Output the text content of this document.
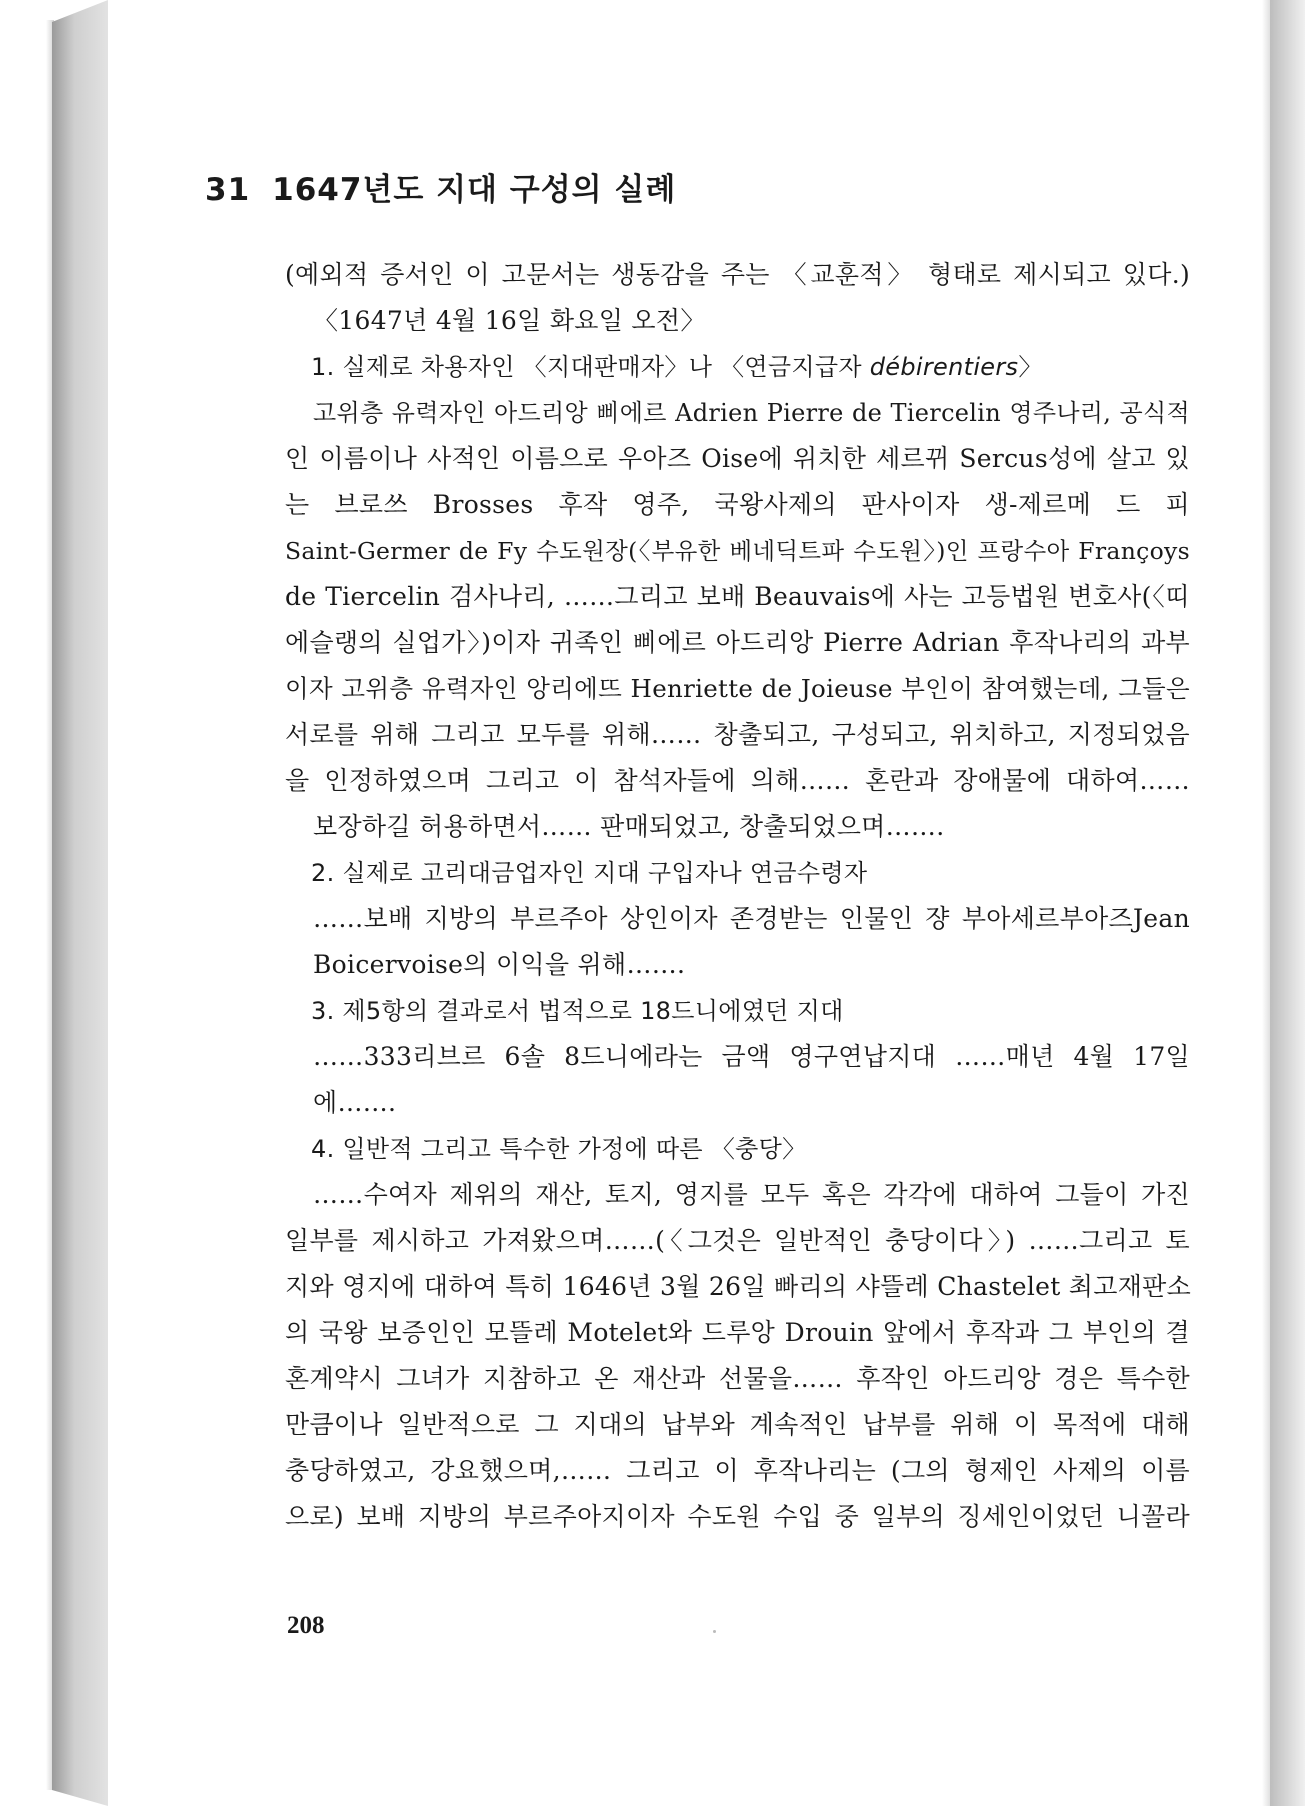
31 1647년도 지대 구성의 실례
(예외적 증서인 이 고문서는 생동감을 주는 〈교훈적〉 형태로 제시되고 있다.)
〈1647년 4월 16일 화요일 오전〉
1. 실제로 차용자인 〈지대판매자〉나 〈연금지급자 débirentiers〉
고위층 유력자인 아드리앙 삐에르 Adrien Pierre de Tiercelin 영주나리, 공식적
인 이름이나 사적인 이름으로 우아즈 Oise에 위치한 세르뀌 Sercus성에 살고 있
는 브로쓰 Brosses 후작 영주, 국왕사제의 판사이자 생-제르메 드 피
Saint-Germer de Fy 수도원장(〈부유한 베네딕트파 수도원〉)인 프랑수아 Françoys
de Tiercelin 검사나리, ……그리고 보배 Beauvais에 사는 고등법원 변호사(〈띠
에슬랭의 실업가〉)이자 귀족인 삐에르 아드리앙 Pierre Adrian 후작나리의 과부
이자 고위층 유력자인 앙리에뜨 Henriette de Joieuse 부인이 참여했는데, 그들은
서로를 위해 그리고 모두를 위해…… 창출되고, 구성되고, 위치하고, 지정되었음
을 인정하였으며 그리고 이 참석자들에 의해…… 혼란과 장애물에 대하여……
보장하길 허용하면서…… 판매되었고, 창출되었으며…….
2. 실제로 고리대금업자인 지대 구입자나 연금수령자
……보배 지방의 부르주아 상인이자 존경받는 인물인 쟝 부아세르부아즈Jean
Boicervoise의 이익을 위해…….
3. 제5항의 결과로서 법적으로 18드니에였던 지대
……333리브르 6솔 8드니에라는 금액 영구연납지대 ……매년 4월 17일
에…….
4. 일반적 그리고 특수한 가정에 따른 〈충당〉
……수여자 제위의 재산, 토지, 영지를 모두 혹은 각각에 대하여 그들이 가진
일부를 제시하고 가져왔으며……(〈그것은 일반적인 충당이다〉) ……그리고 토
지와 영지에 대하여 특히 1646년 3월 26일 빠리의 샤뜰레 Chastelet 최고재판소
의 국왕 보증인인 모뜰레 Motelet와 드루앙 Drouin 앞에서 후작과 그 부인의 결
혼계약시 그녀가 지참하고 온 재산과 선물을…… 후작인 아드리앙 경은 특수한
만큼이나 일반적으로 그 지대의 납부와 계속적인 납부를 위해 이 목적에 대해
충당하였고, 강요했으며,…… 그리고 이 후작나리는 (그의 형제인 사제의 이름
으로) 보배 지방의 부르주아지이자 수도원 수입 중 일부의 징세인이었던 니꼴라
208
